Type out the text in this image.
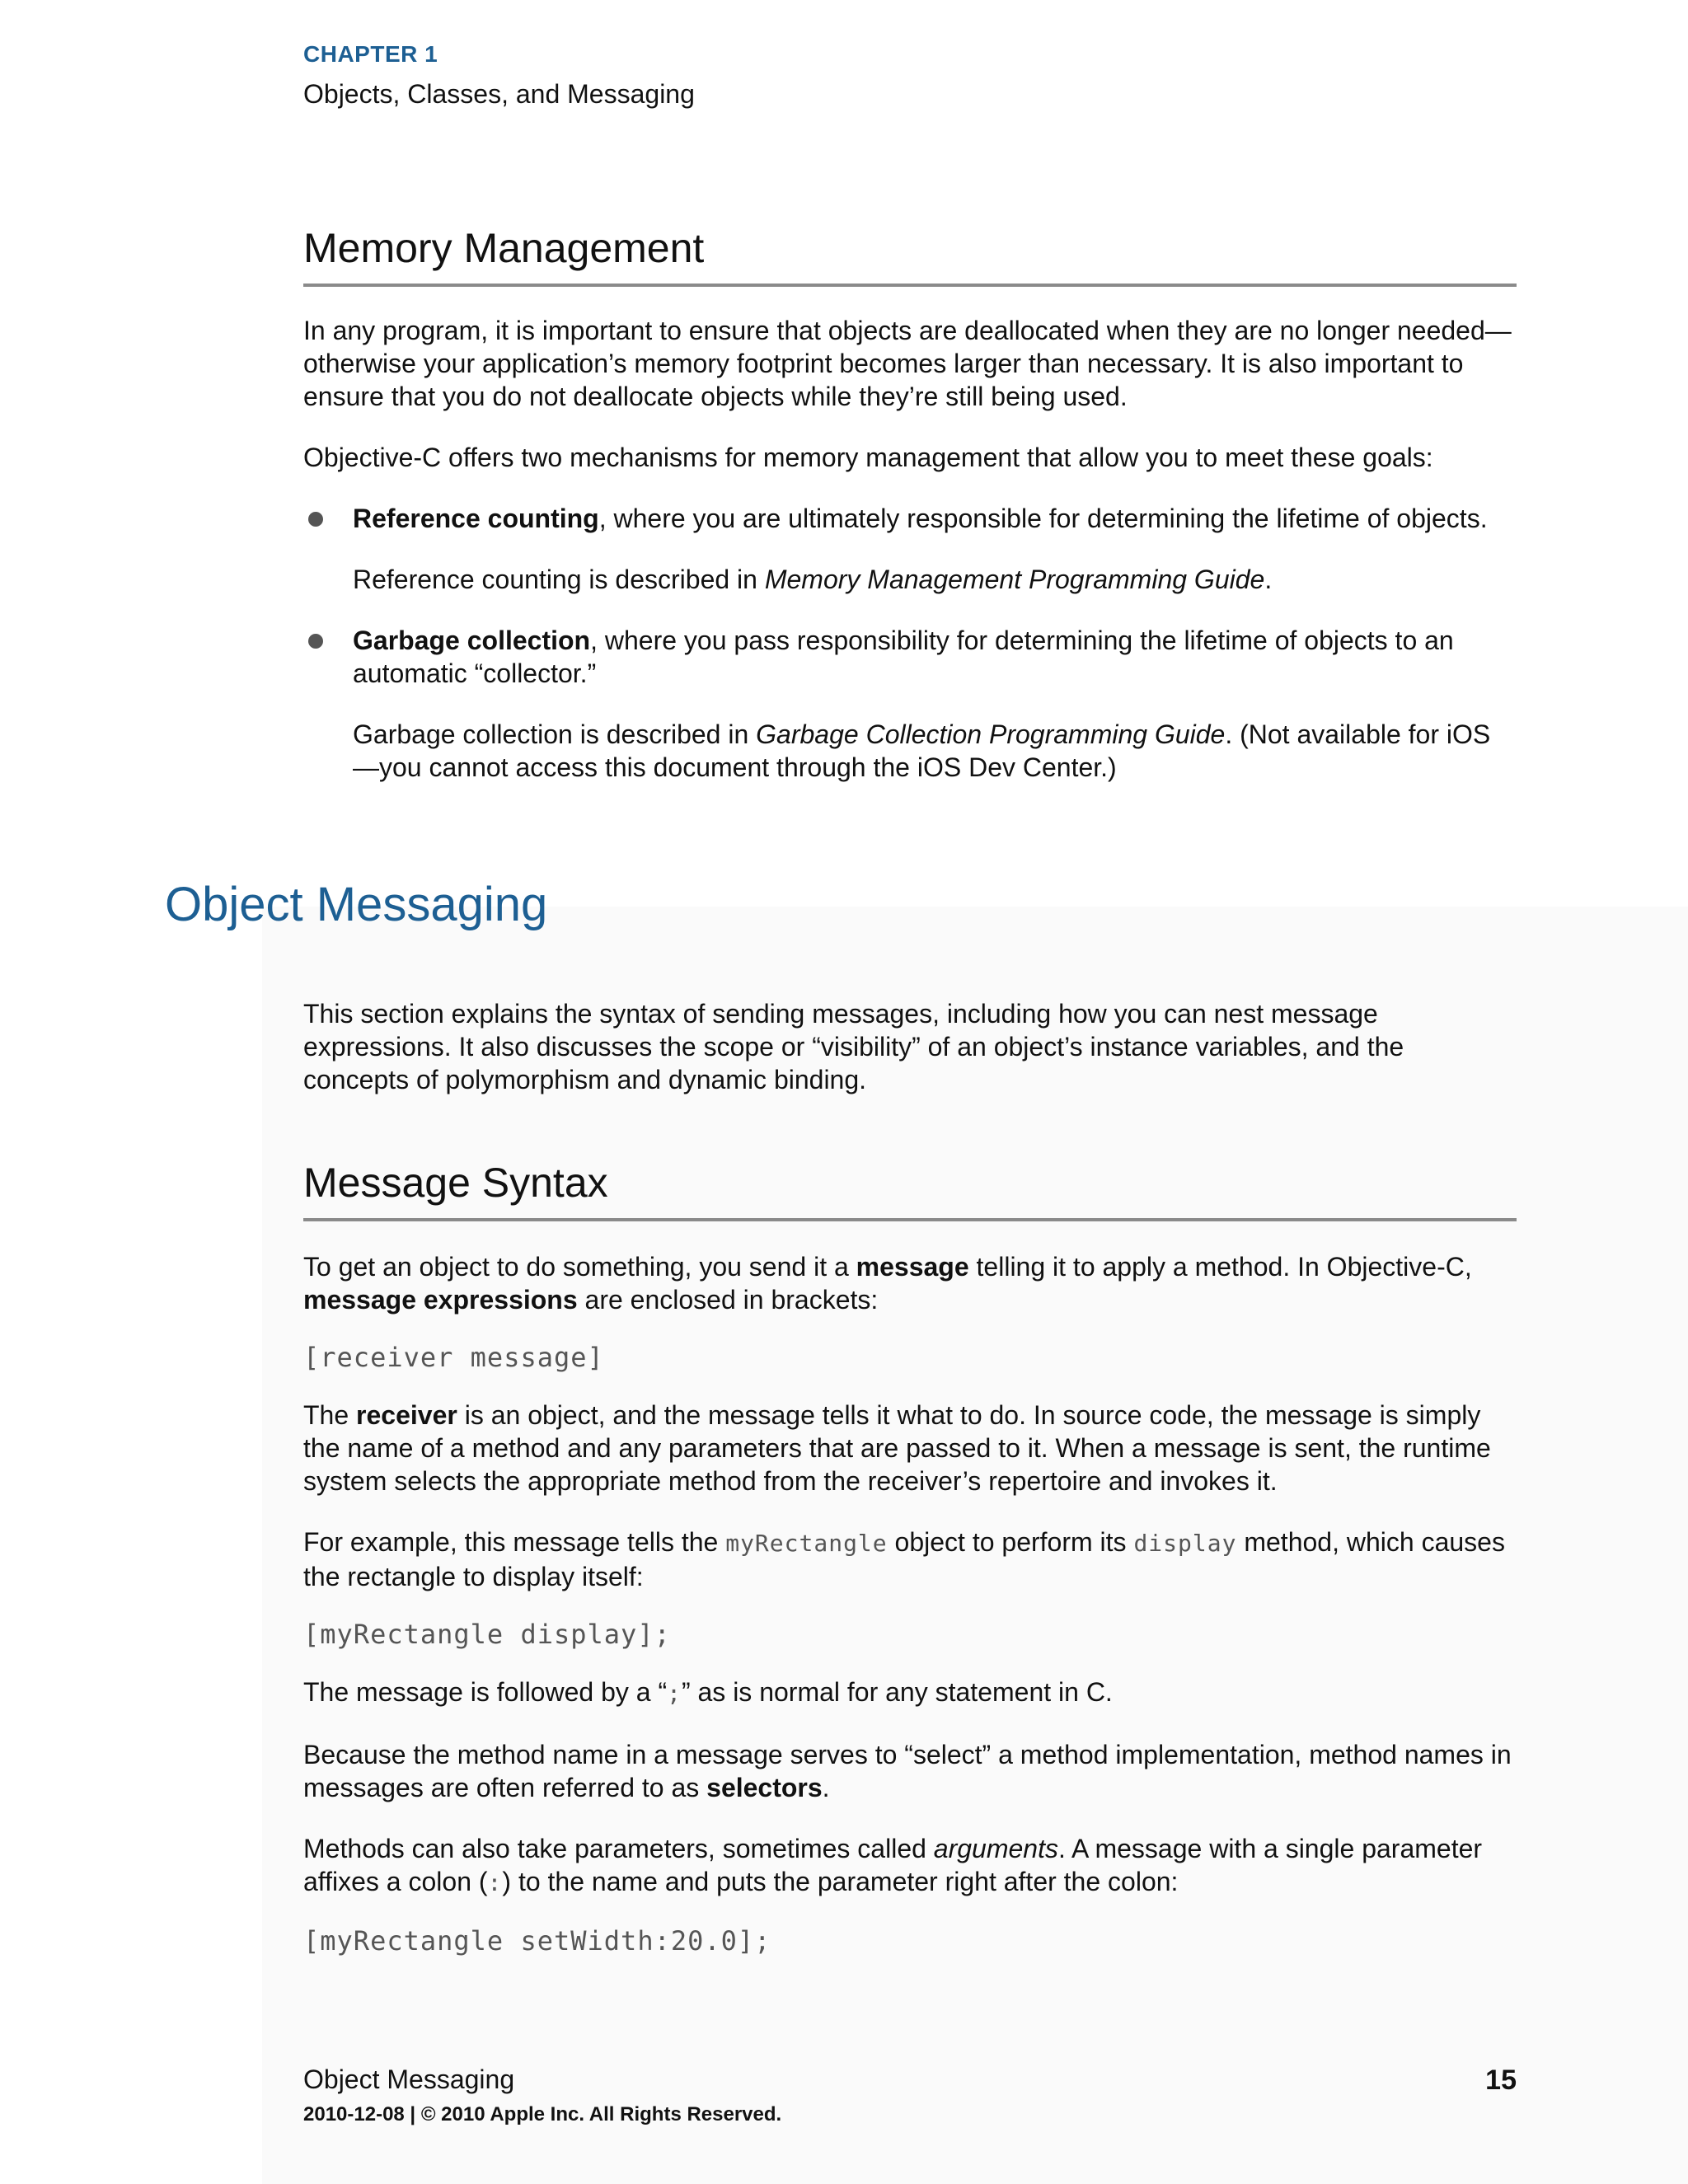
CHAPTER 1
Objects, Classes, and Messaging
Memory Management

In any program, it is important to ensure that objects are deallocated when they are no longer needed—otherwise your application’s memory footprint becomes larger than necessary. It is also important to ensure that you do not deallocate objects while they’re still being used.

Objective-C offers two mechanisms for memory management that allow you to meet these goals:

Reference counting, where you are ultimately responsible for determining the lifetime of objects.

Reference counting is described in Memory Management Programming Guide.

Garbage collection, where you pass responsibility for determining the lifetime of objects to an automatic “collector.”

Garbage collection is described in Garbage Collection Programming Guide. (Not available for iOS—you cannot access this document through the iOS Dev Center.)

Object Messaging

This section explains the syntax of sending messages, including how you can nest message expressions. It also discusses the scope or “visibility” of an object’s instance variables, and the concepts of polymorphism and dynamic binding.

Message Syntax

To get an object to do something, you send it a message telling it to apply a method. In Objective-C, message expressions are enclosed in brackets:

[receiver message]

The receiver is an object, and the message tells it what to do. In source code, the message is simply the name of a method and any parameters that are passed to it. When a message is sent, the runtime system selects the appropriate method from the receiver’s repertoire and invokes it.

For example, this message tells the myRectangle object to perform its display method, which causes the rectangle to display itself:

[myRectangle display];

The message is followed by a “;” as is normal for any statement in C.

Because the method name in a message serves to “select” a method implementation, method names in messages are often referred to as selectors.

Methods can also take parameters, sometimes called arguments. A message with a single parameter affixes a colon (:) to the name and puts the parameter right after the colon:

[myRectangle setWidth:20.0];

Object Messaging	15
2010-12-08 | © 2010 Apple Inc. All Rights Reserved.
